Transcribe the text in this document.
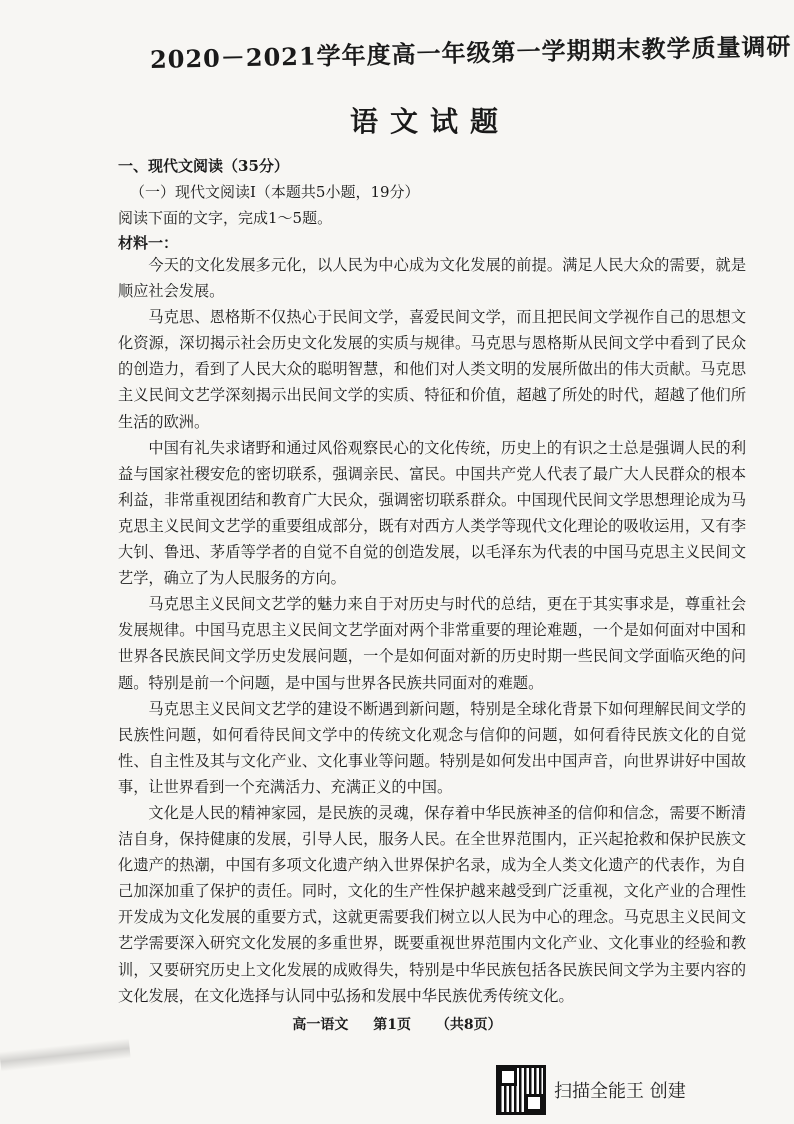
2020－2021学年度高一年级第一学期期末教学质量调研
语文试题
一、现代文阅读（35分）
（一）现代文阅读Ⅰ（本题共5小题，19分）
阅读下面的文字，完成1～5题。
材料一：

今天的文化发展多元化，以人民为中心成为文化发展的前提。满足人民大众的需要，就是顺应社会发展。

马克思、恩格斯不仅热心于民间文学，喜爱民间文学，而且把民间文学视作自己的思想文化资源，深切揭示社会历史文化发展的实质与规律。马克思与恩格斯从民间文学中看到了民众的创造力，看到了人民大众的聪明智慧，和他们对人类文明的发展所做出的伟大贡献。马克思主义民间文艺学深刻揭示出民间文学的实质、特征和价值，超越了所处的时代，超越了他们所生活的欧洲。

中国有礼失求诸野和通过风俗观察民心的文化传统，历史上的有识之士总是强调人民的利益与国家社稷安危的密切联系，强调亲民、富民。中国共产党人代表了最广大人民群众的根本利益，非常重视团结和教育广大民众，强调密切联系群众。中国现代民间文学思想理论成为马克思主义民间文艺学的重要组成部分，既有对西方人类学等现代文化理论的吸收运用，又有李大钊、鲁迅、茅盾等学者的自觉不自觉的创造发展，以毛泽东为代表的中国马克思主义民间文艺学，确立了为人民服务的方向。

马克思主义民间文艺学的魅力来自于对历史与时代的总结，更在于其实事求是，尊重社会发展规律。中国马克思主义民间文艺学面对两个非常重要的理论难题，一个是如何面对中国和世界各民族民间文学历史发展问题，一个是如何面对新的历史时期一些民间文学面临灭绝的问题。特别是前一个问题，是中国与世界各民族共同面对的难题。

马克思主义民间文艺学的建设不断遇到新问题，特别是全球化背景下如何理解民间文学的民族性问题，如何看待民间文学中的传统文化观念与信仰的问题，如何看待民族文化的自觉性、自主性及其与文化产业、文化事业等问题。特别是如何发出中国声音，向世界讲好中国故事，让世界看到一个充满活力、充满正义的中国。

文化是人民的精神家园，是民族的灵魂，保存着中华民族神圣的信仰和信念，需要不断清洁自身，保持健康的发展，引导人民，服务人民。在全世界范围内，正兴起抢救和保护民族文化遗产的热潮，中国有多项文化遗产纳入世界保护名录，成为全人类文化遗产的代表作，为自己加深加重了保护的责任。同时，文化的生产性保护越来越受到广泛重视，文化产业的合理性开发成为文化发展的重要方式，这就更需要我们树立以人民为中心的理念。马克思主义民间文艺学需要深入研究文化发展的多重世界，既要重视世界范围内文化产业、文化事业的经验和教训，又要研究历史上文化发展的成败得失，特别是中华民族包括各民族民间文学为主要内容的文化发展，在文化选择与认同中弘扬和发展中华民族优秀传统文化。

高一语文 第1页 （共8页）
扫描全能王 创建
